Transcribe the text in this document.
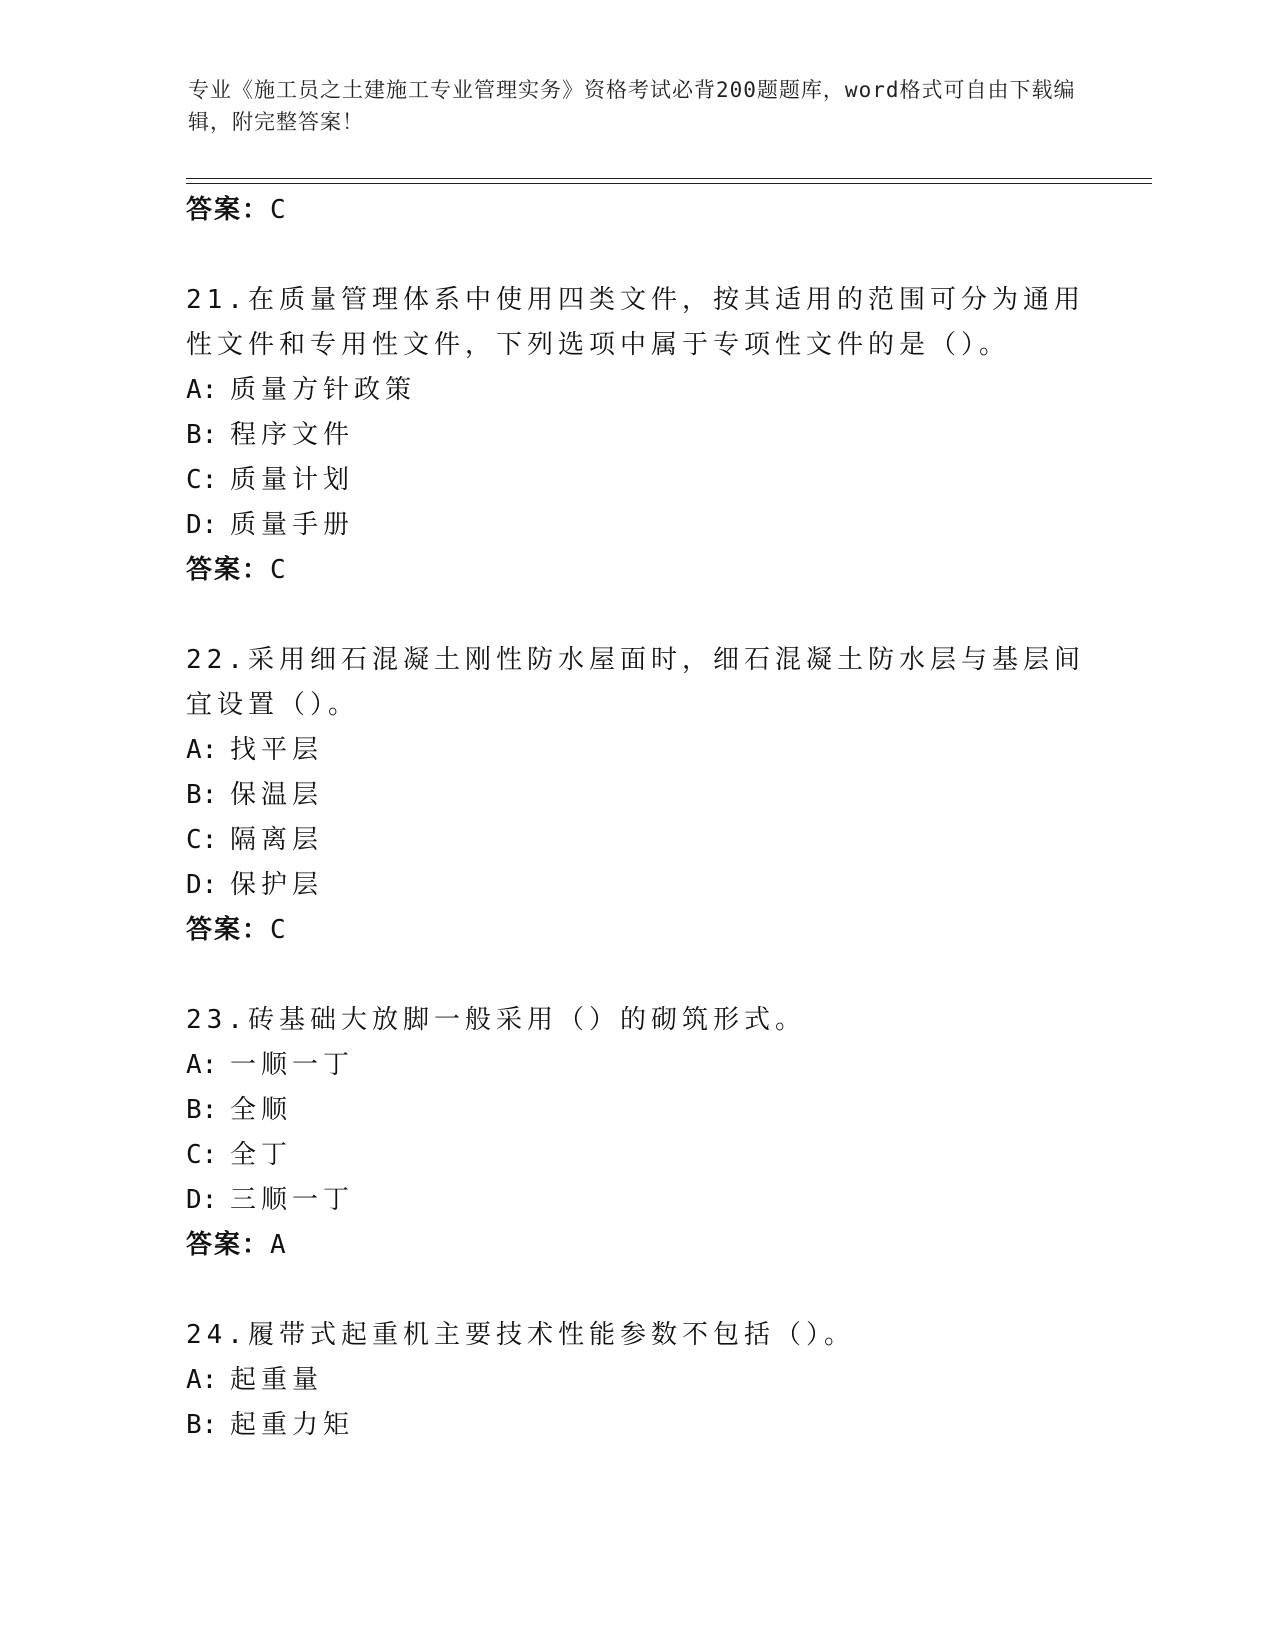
专业《施工员之土建施工专业管理实务》资格考试必背200题题库，word格式可自由下载编辑，附完整答案！
答案：C
21.在质量管理体系中使用四类文件，按其适用的范围可分为通用性文件和专用性文件，下列选项中属于专项性文件的是（）。
A: 质量方针政策
B: 程序文件
C: 质量计划
D: 质量手册
答案：C
22.采用细石混凝土刚性防水屋面时，细石混凝土防水层与基层间宜设置（）。
A: 找平层
B: 保温层
C: 隔离层
D: 保护层
答案：C
23.砖基础大放脚一般采用（）的砌筑形式。
A: 一顺一丁
B: 全顺
C: 全丁
D: 三顺一丁
答案：A
24.履带式起重机主要技术性能参数不包括（）。
A: 起重量
B: 起重力矩
